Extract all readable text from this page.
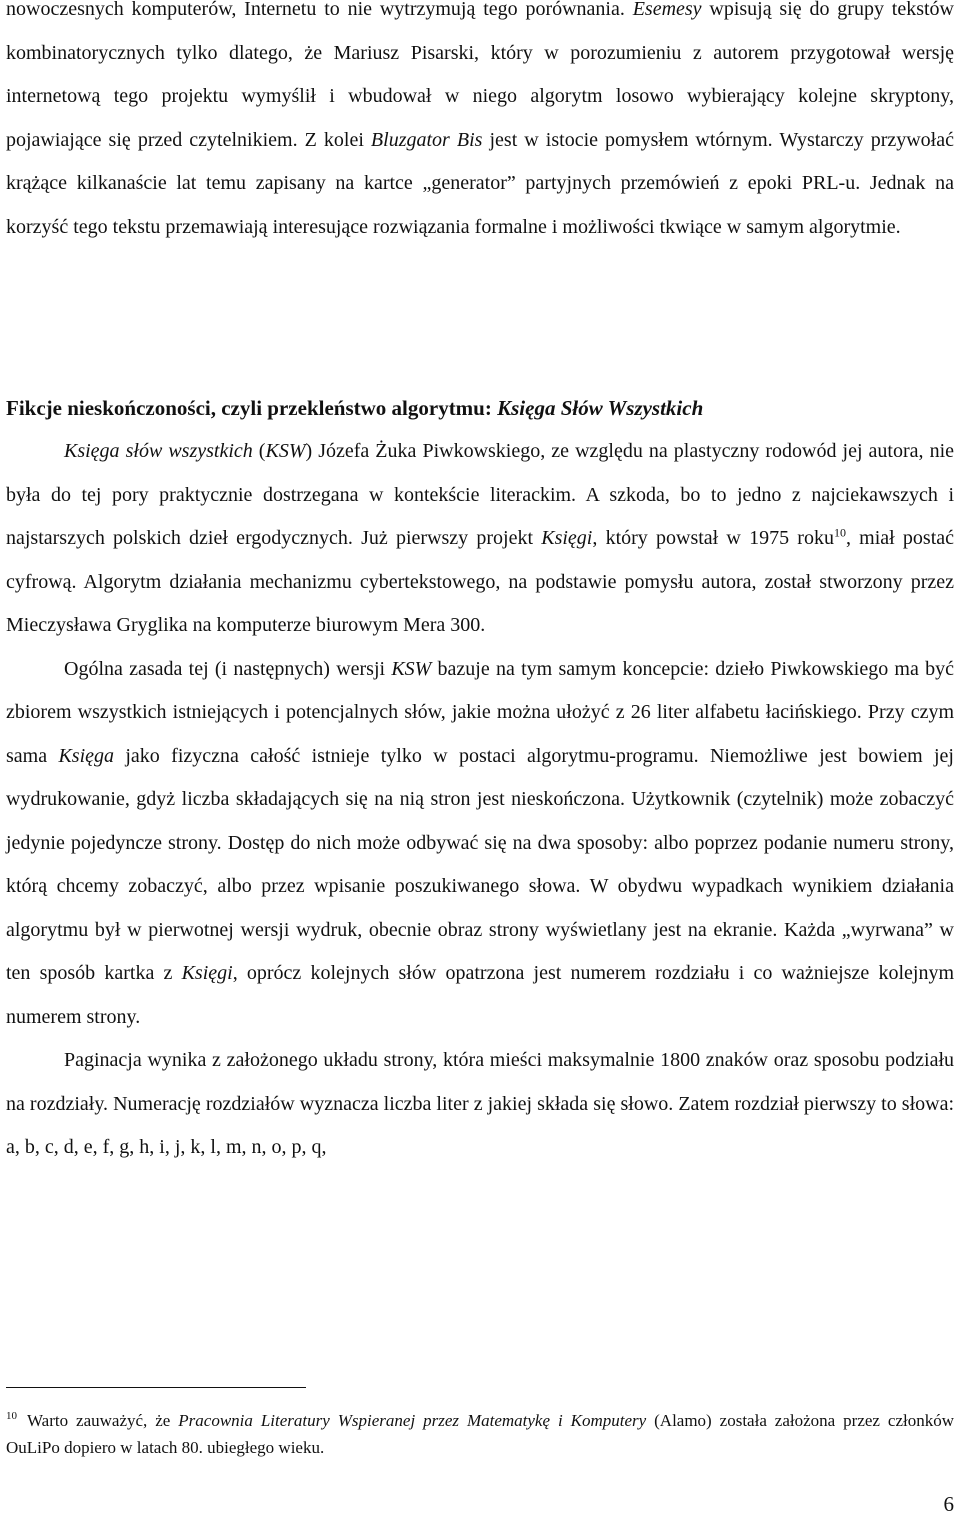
nowoczesnych komputerów, Internetu to nie wytrzymują tego porównania. Esemesy wpisują się do grupy tekstów kombinatorycznych tylko dlatego, że Mariusz Pisarski, który w porozumieniu z autorem przygotował wersję internetową tego projektu wymyślił i wbudował w niego algorytm losowo wybierający kolejne skryptony, pojawiające się przed czytelnikiem. Z kolei Bluzgator Bis jest w istocie pomysłem wtórnym. Wystarczy przywołać krążące kilkanaście lat temu zapisany na kartce „generator” partyjnych przemówień z epoki PRL-u. Jednak na korzyść tego tekstu przemawiają interesujące rozwiązania formalne i możliwości tkwiące w samym algorytmie.

Fikcje nieskończoności, czyli przekleństwo algorytmu: Księga Słów Wszystkich

Księga słów wszystkich (KSW) Józefa Żuka Piwkowskiego, ze względu na plastyczny rodowód jej autora, nie była do tej pory praktycznie dostrzegana w kontekście literackim. A szkoda, bo to jedno z najciekawszych i najstarszych polskich dzieł ergodycznych. Już pierwszy projekt Księgi, który powstał w 1975 roku$^{10}$, miał postać cyfrową. Algorytm działania mechanizmu cybertekstowego, na podstawie pomysłu autora, został stworzony przez Mieczysława Gryglika na komputerze biurowym Mera 300.

Ogólna zasada tej (i następnych) wersji KSW bazuje na tym samym koncepcie: dzieło Piwkowskiego ma być zbiorem wszystkich istniejących i potencjalnych słów, jakie można ułożyć z 26 liter alfabetu łacińskiego. Przy czym sama Księga jako fizyczna całość istnieje tylko w postaci algorytmu-programu. Niemożliwe jest bowiem jej wydrukowanie, gdyż liczba składających się na nią stron jest nieskończona. Użytkownik (czytelnik) może zobaczyć jedynie pojedyncze strony. Dostęp do nich może odbywać się na dwa sposoby: albo poprzez podanie numeru strony, którą chcemy zobaczyć, albo przez wpisanie poszukiwanego słowa. W obydwu wypadkach wynikiem działania algorytmu był w pierwotnej wersji wydruk, obecnie obraz strony wyświetlany jest na ekranie. Każda „wyrwana” w ten sposób kartka z Księgi, oprócz kolejnych słów opatrzona jest numerem rozdziału i co ważniejsze kolejnym numerem strony.

Paginacja wynika z założonego układu strony, która mieści maksymalnie 1800 znaków oraz sposobu podziału na rozdziały. Numerację rozdziałów wyznacza liczba liter z jakiej składa się słowo. Zatem rozdział pierwszy to słowa: a, b, c, d, e, f, g, h, i, j, k, l, m, n, o, p, q,

$^{10}$ Warto zauważyć, że Pracownia Literatury Wspieranej przez Matematykę i Komputery (Alamo) została założona przez członków OuLiPo dopiero w latach 80. ubiegłego wieku.
6
